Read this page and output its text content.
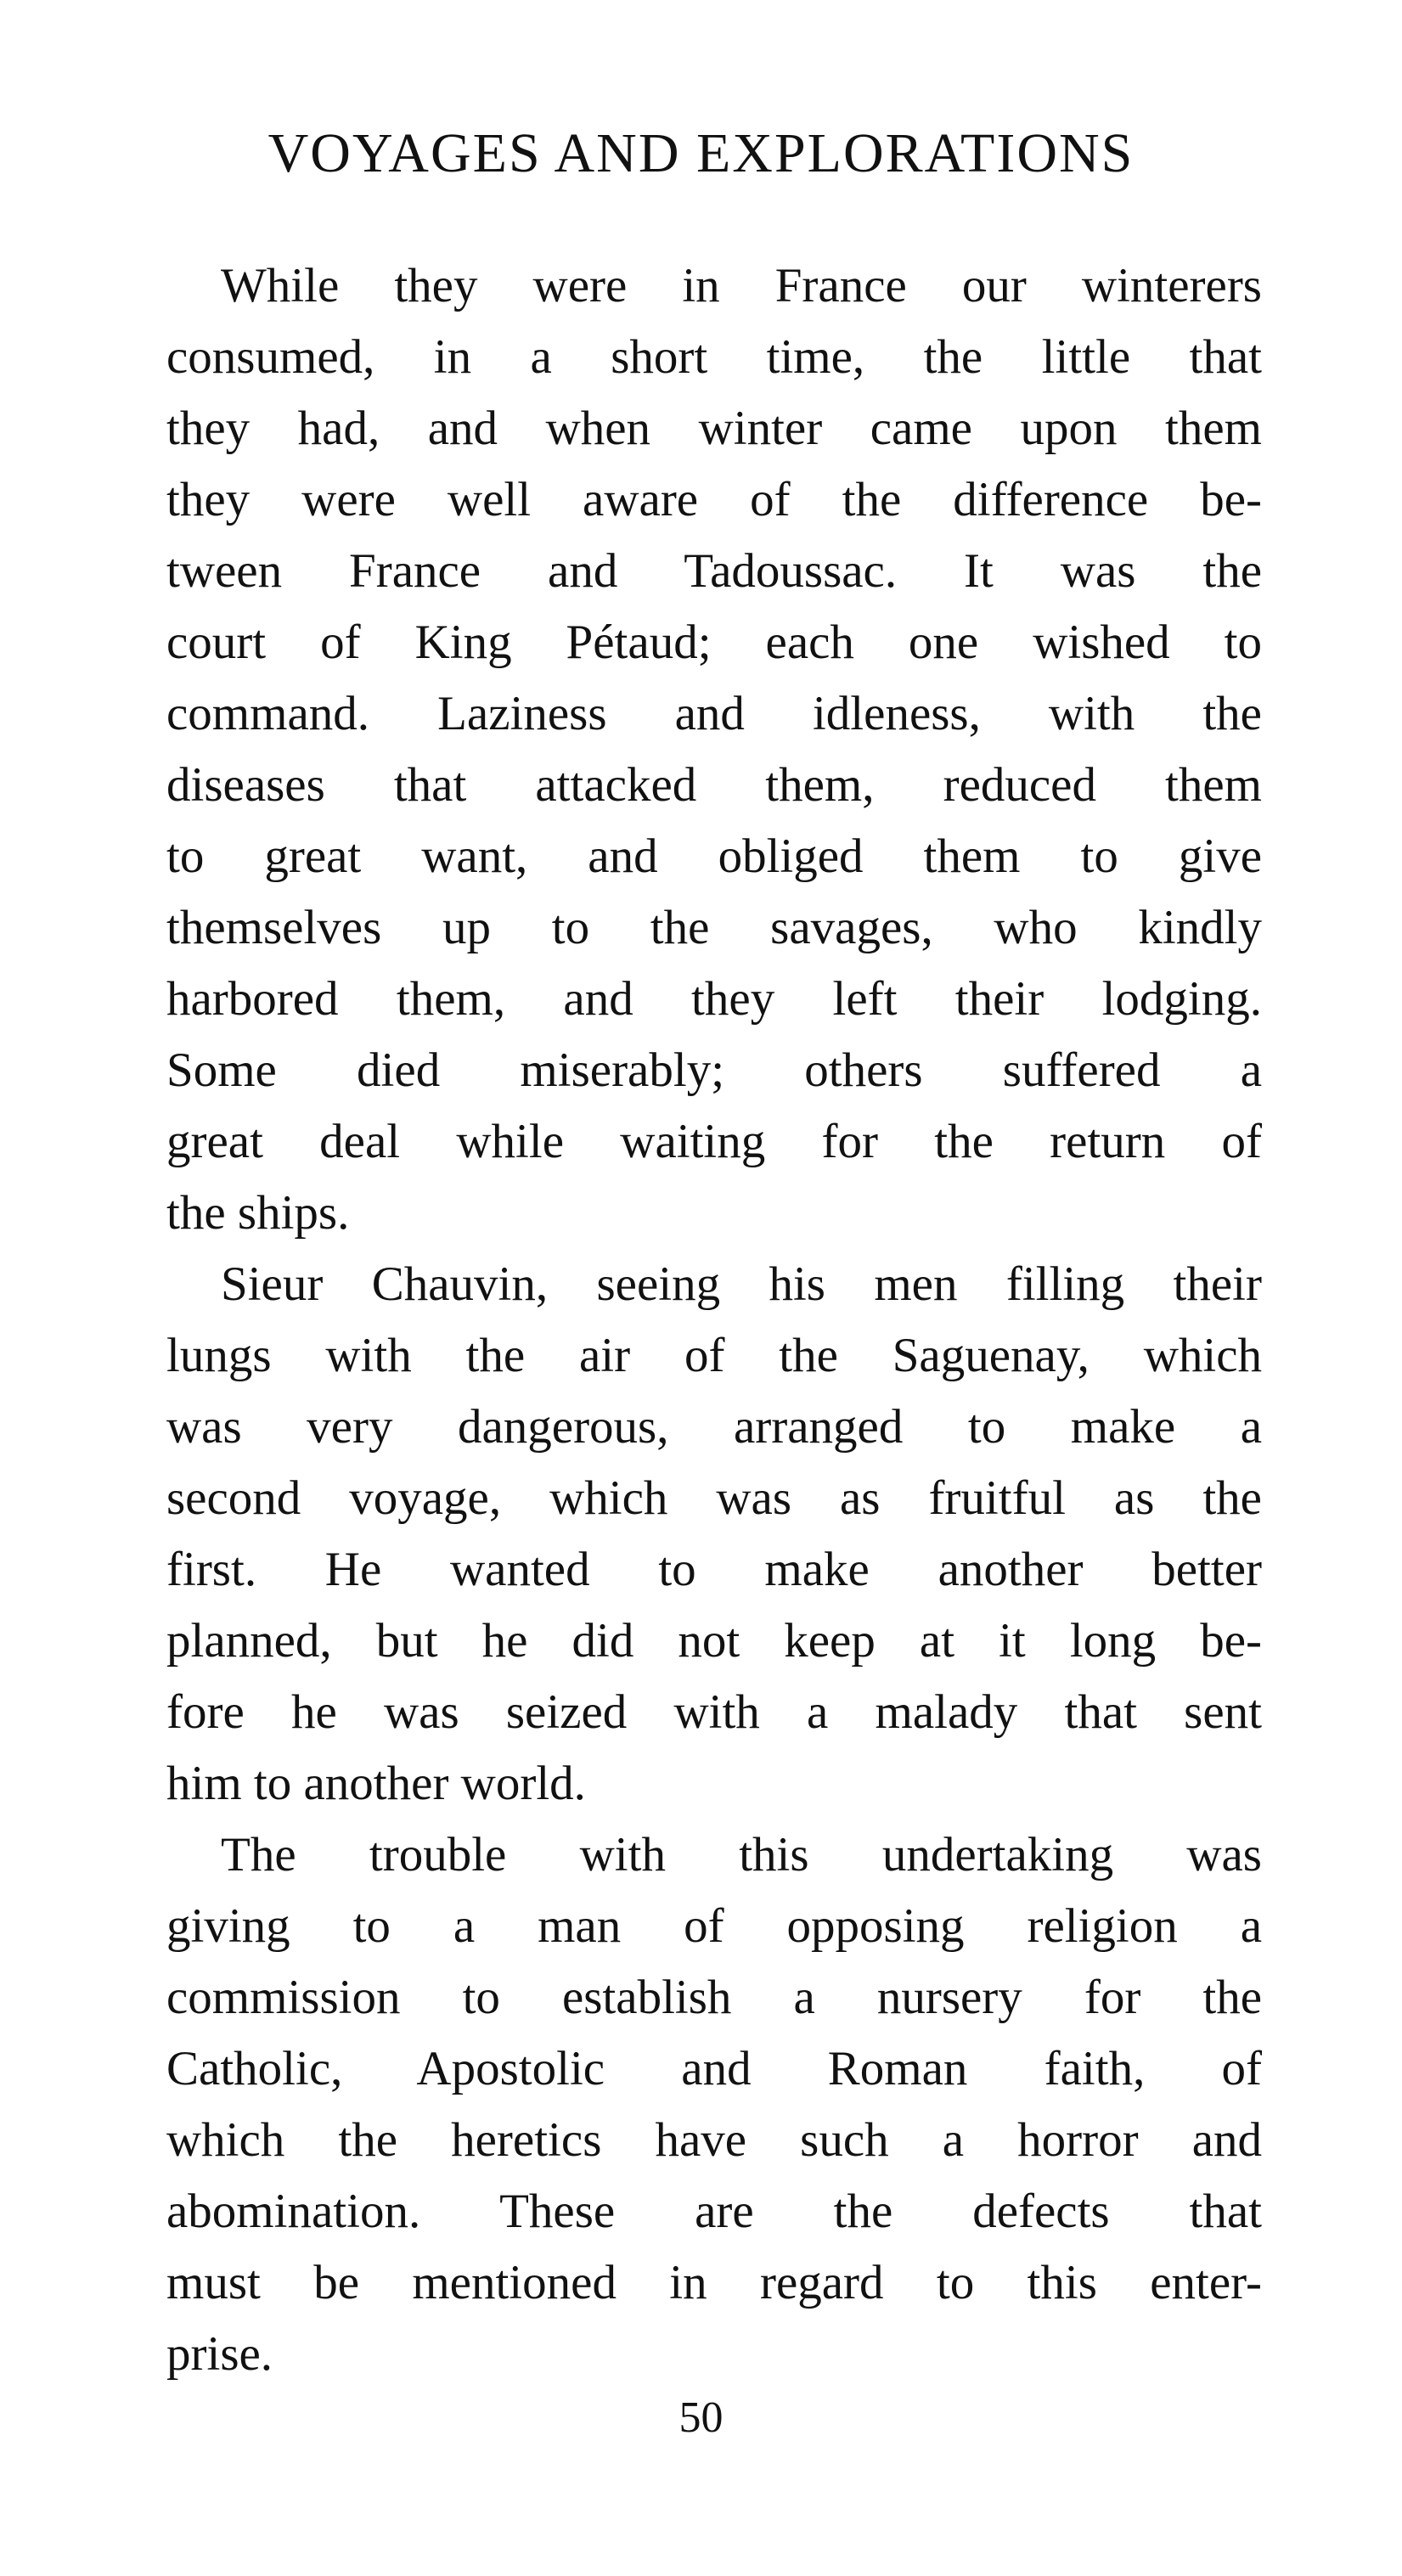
VOYAGES AND EXPLORATIONS

While they were in France our winterers
consumed, in a short time, the little that
they had, and when winter came upon them
they were well aware of the difference be-
tween France and Tadoussac. It was the
court of King Pétaud; each one wished to
command. Laziness and idleness, with the
diseases that attacked them, reduced them
to great want, and obliged them to give
themselves up to the savages, who kindly
harbored them, and they left their lodging.
Some died miserably; others suffered a
great deal while waiting for the return of
the ships.

Sieur Chauvin, seeing his men filling their
lungs with the air of the Saguenay, which
was very dangerous, arranged to make a
second voyage, which was as fruitful as the
first. He wanted to make another better
planned, but he did not keep at it long be-
fore he was seized with a malady that sent
him to another world.

The trouble with this undertaking was
giving to a man of opposing religion a
commission to establish a nursery for the
Catholic, Apostolic and Roman faith, of
which the heretics have such a horror and
abomination. These are the defects that
must be mentioned in regard to this enter-
prise.

50
